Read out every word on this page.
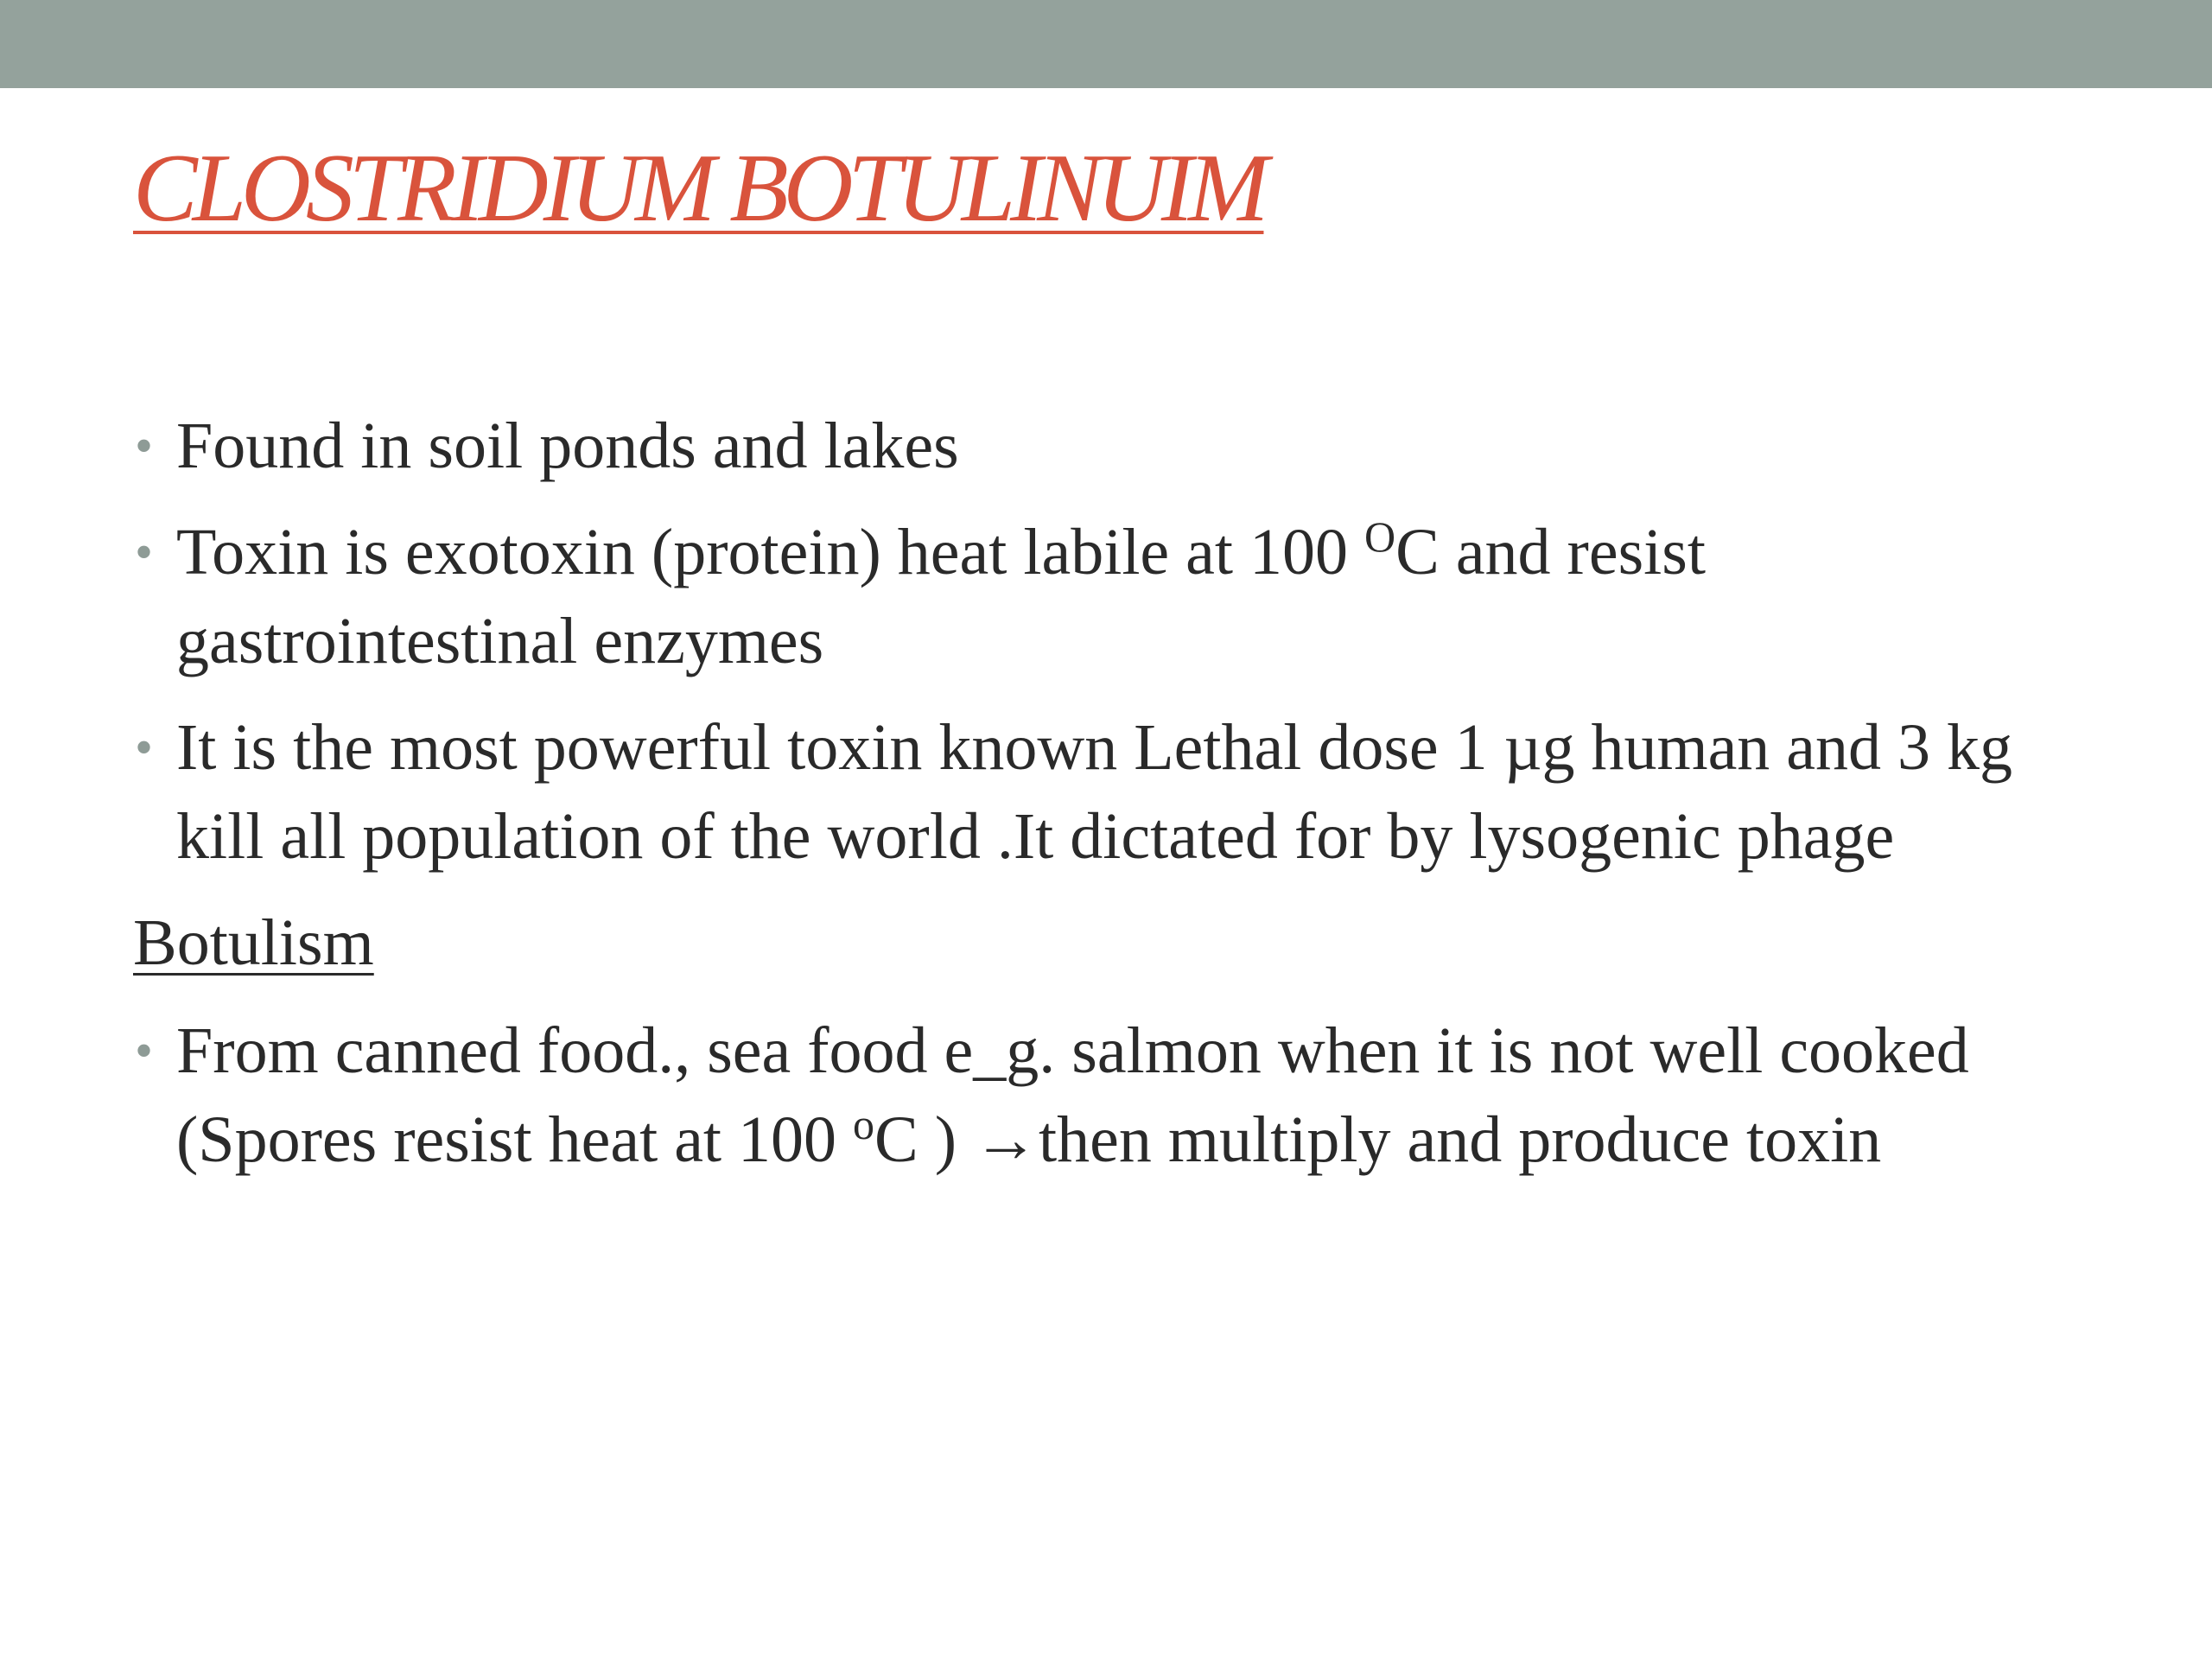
CLOSTRIDIUM BOTULINUIM
• Found in soil ponds and lakes
• Toxin is exotoxin (protein) heat labile at 100 $^O$C and resist gastrointestinal enzymes
• It is the most powerful toxin known Lethal dose 1 µg human and 3 kg kill all population of the world .It dictated for by lysogenic phage
Botulism
• From canned food., sea food e_g. salmon when it is not well cooked (Spores resist heat at 100 $^o$C ) →then multiply and produce toxin
